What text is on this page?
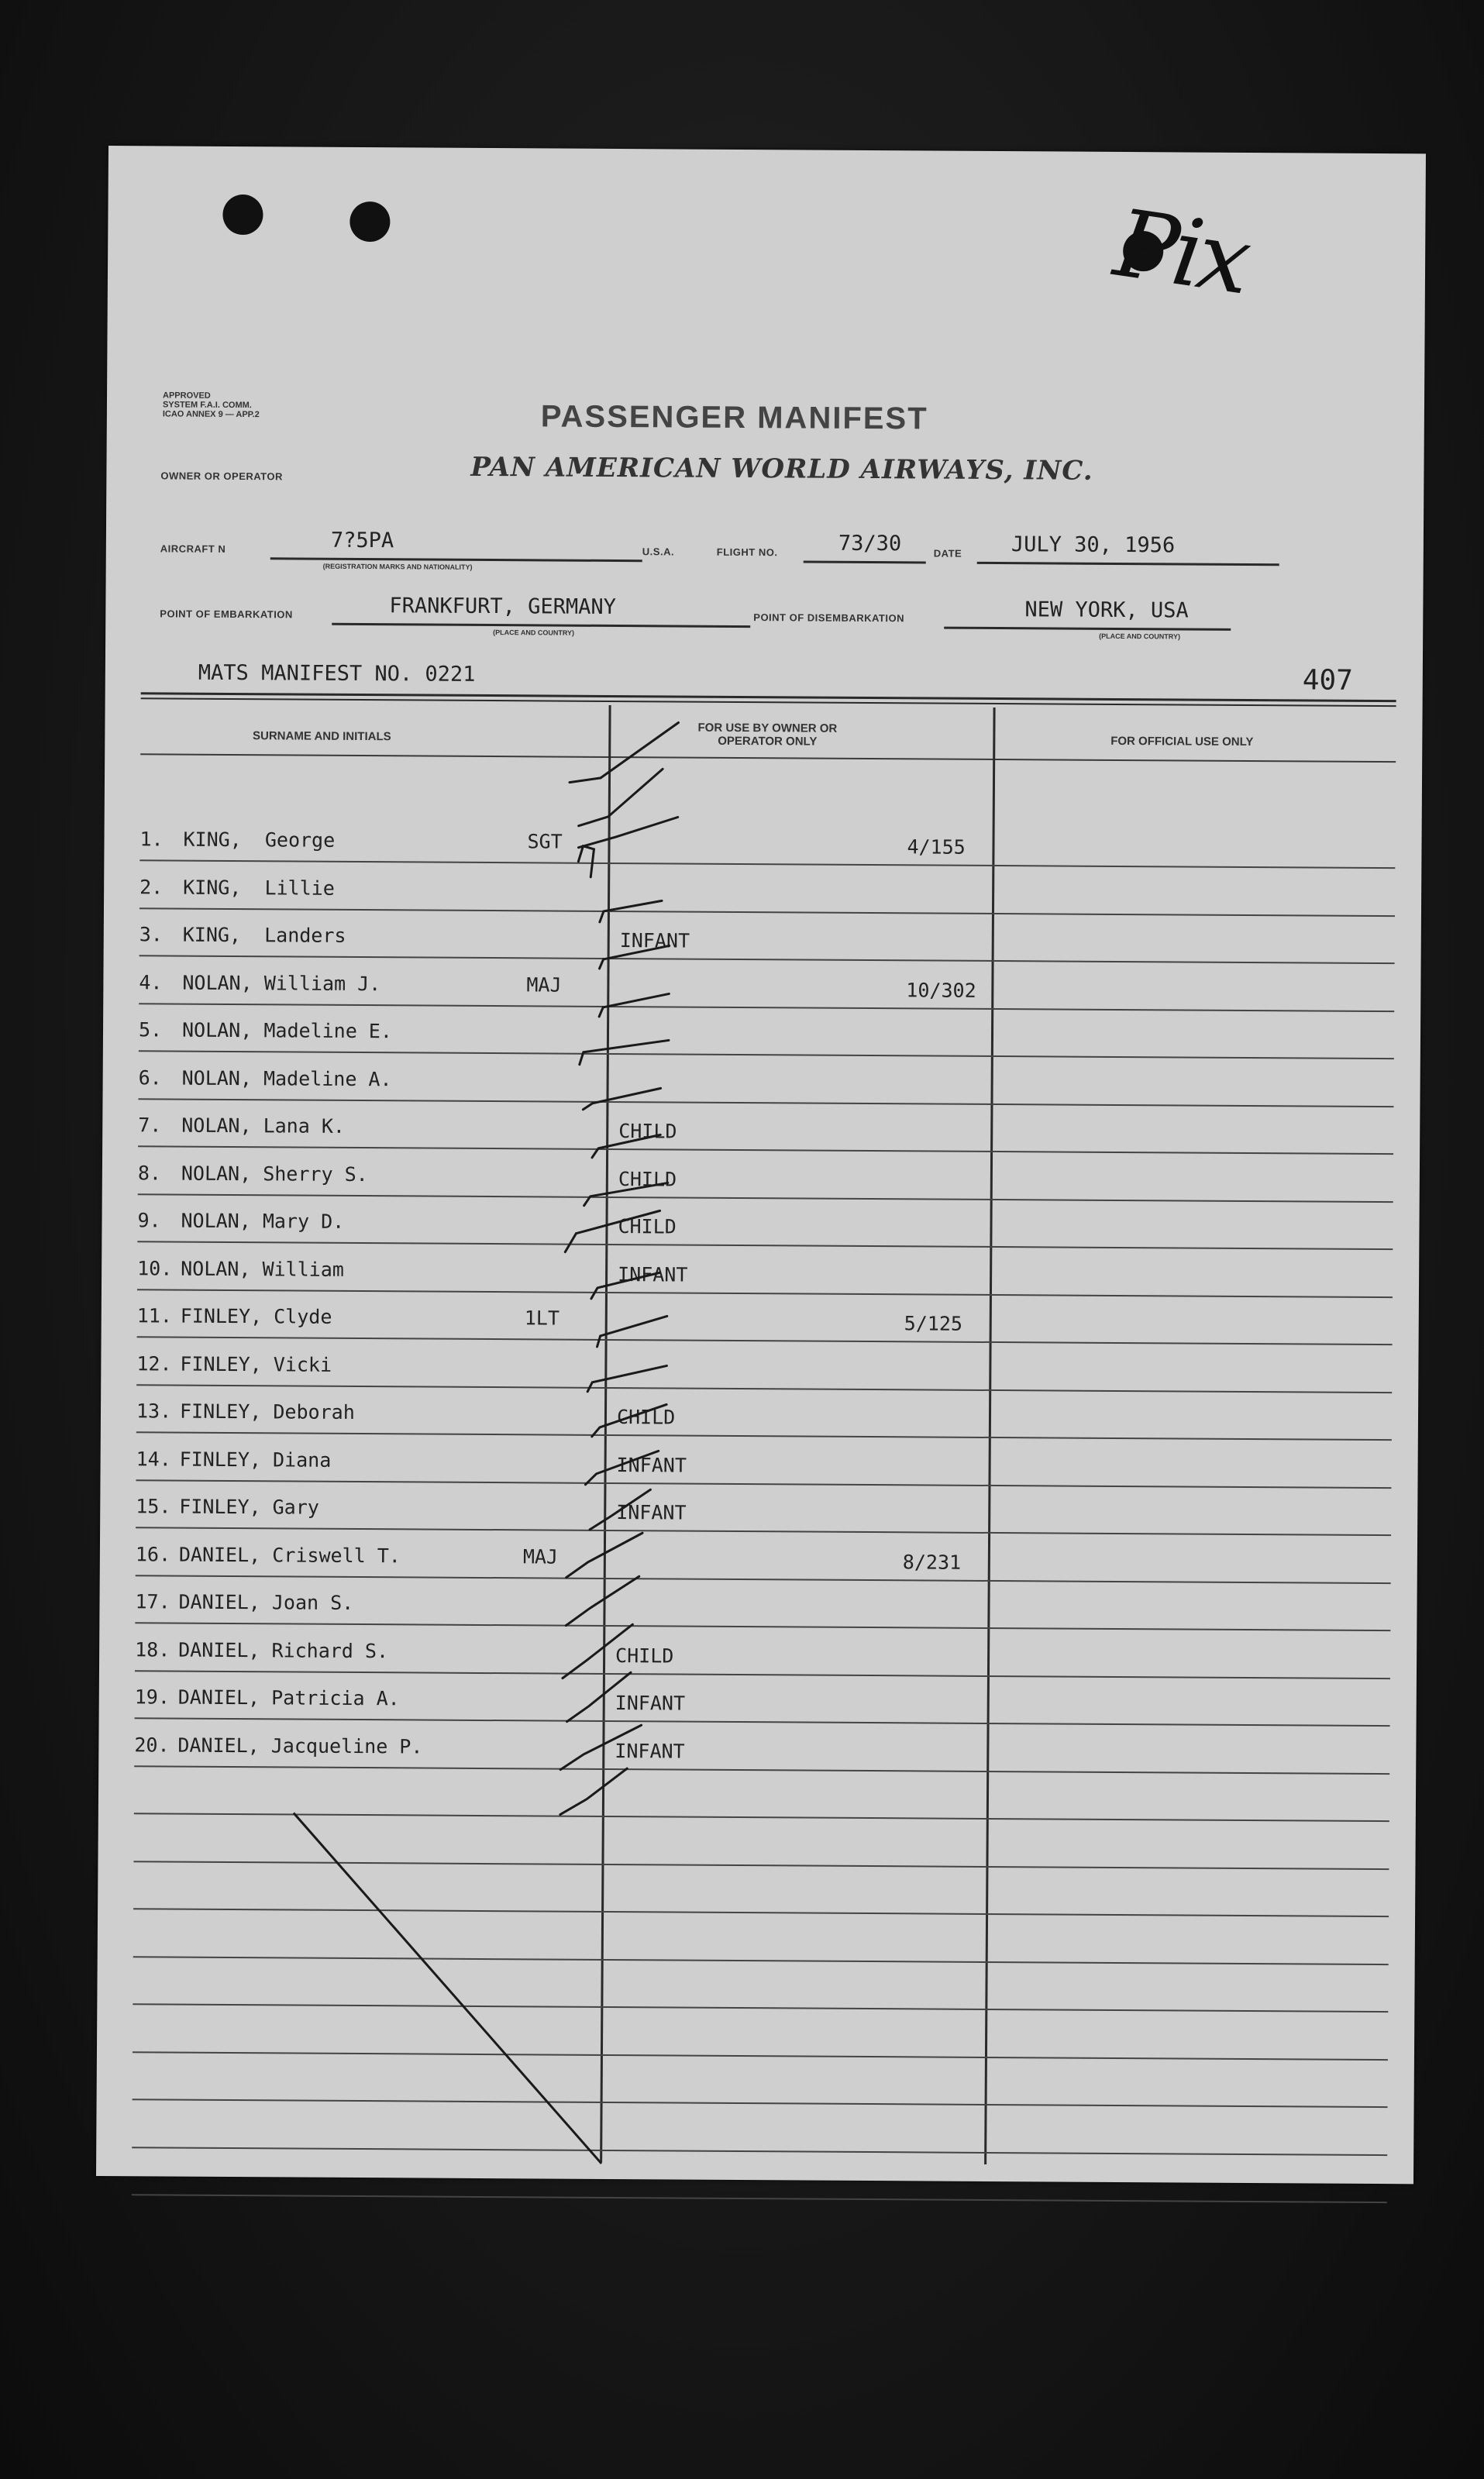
Pix
APPROVED
SYSTEM F.A.I. COMM.
ICAO ANNEX 9 — APP.2	PASSENGER MANIFEST
OWNER OR OPERATOR	PAN AMERICAN WORLD AIRWAYS, INC.
AIRCRAFT N	7?5PA
(REGISTRATION MARKS AND NATIONALITY)
U.S.A.	FLIGHT NO.	73/30	DATE JULY 30, 1956
POINT OF EMBARKATION	FRANKFURT, GERMANY
(PLACE AND COUNTRY)
POINT OF DISEMBARKATION	NEW YORK, USA
(PLACE AND COUNTRY)
MATS MANIFEST NO. 0221	407
SURNAME AND INITIALS
FOR USE BY OWNER OR OPERATOR ONLY	FOR OFFICIAL USE ONLY
1. KING,  George	SGT	4/155
2. KING,  Lillie
3. KING,  Landers	INFANT
4. NOLAN, William J.	MAJ	10/302
5. NOLAN, Madeline E.
6. NOLAN, Madeline A.
7. NOLAN, Lana K.	CHILD
8. NOLAN, Sherry S.	CHILD
9. NOLAN, Mary D.	CHILD
10. NOLAN, William	INFANT
11. FINLEY, Clyde	1LT	5/125
12. FINLEY, Vicki
13. FINLEY, Deborah	CHILD
14. FINLEY, Diana	INFANT
15. FINLEY, Gary	INFANT
16. DANIEL, Criswell T.	MAJ	8/231
17. DANIEL, Joan S.
18. DANIEL, Richard S.	CHILD
19. DANIEL, Patricia A.	INFANT
20. DANIEL, Jacqueline P.	INFANT
